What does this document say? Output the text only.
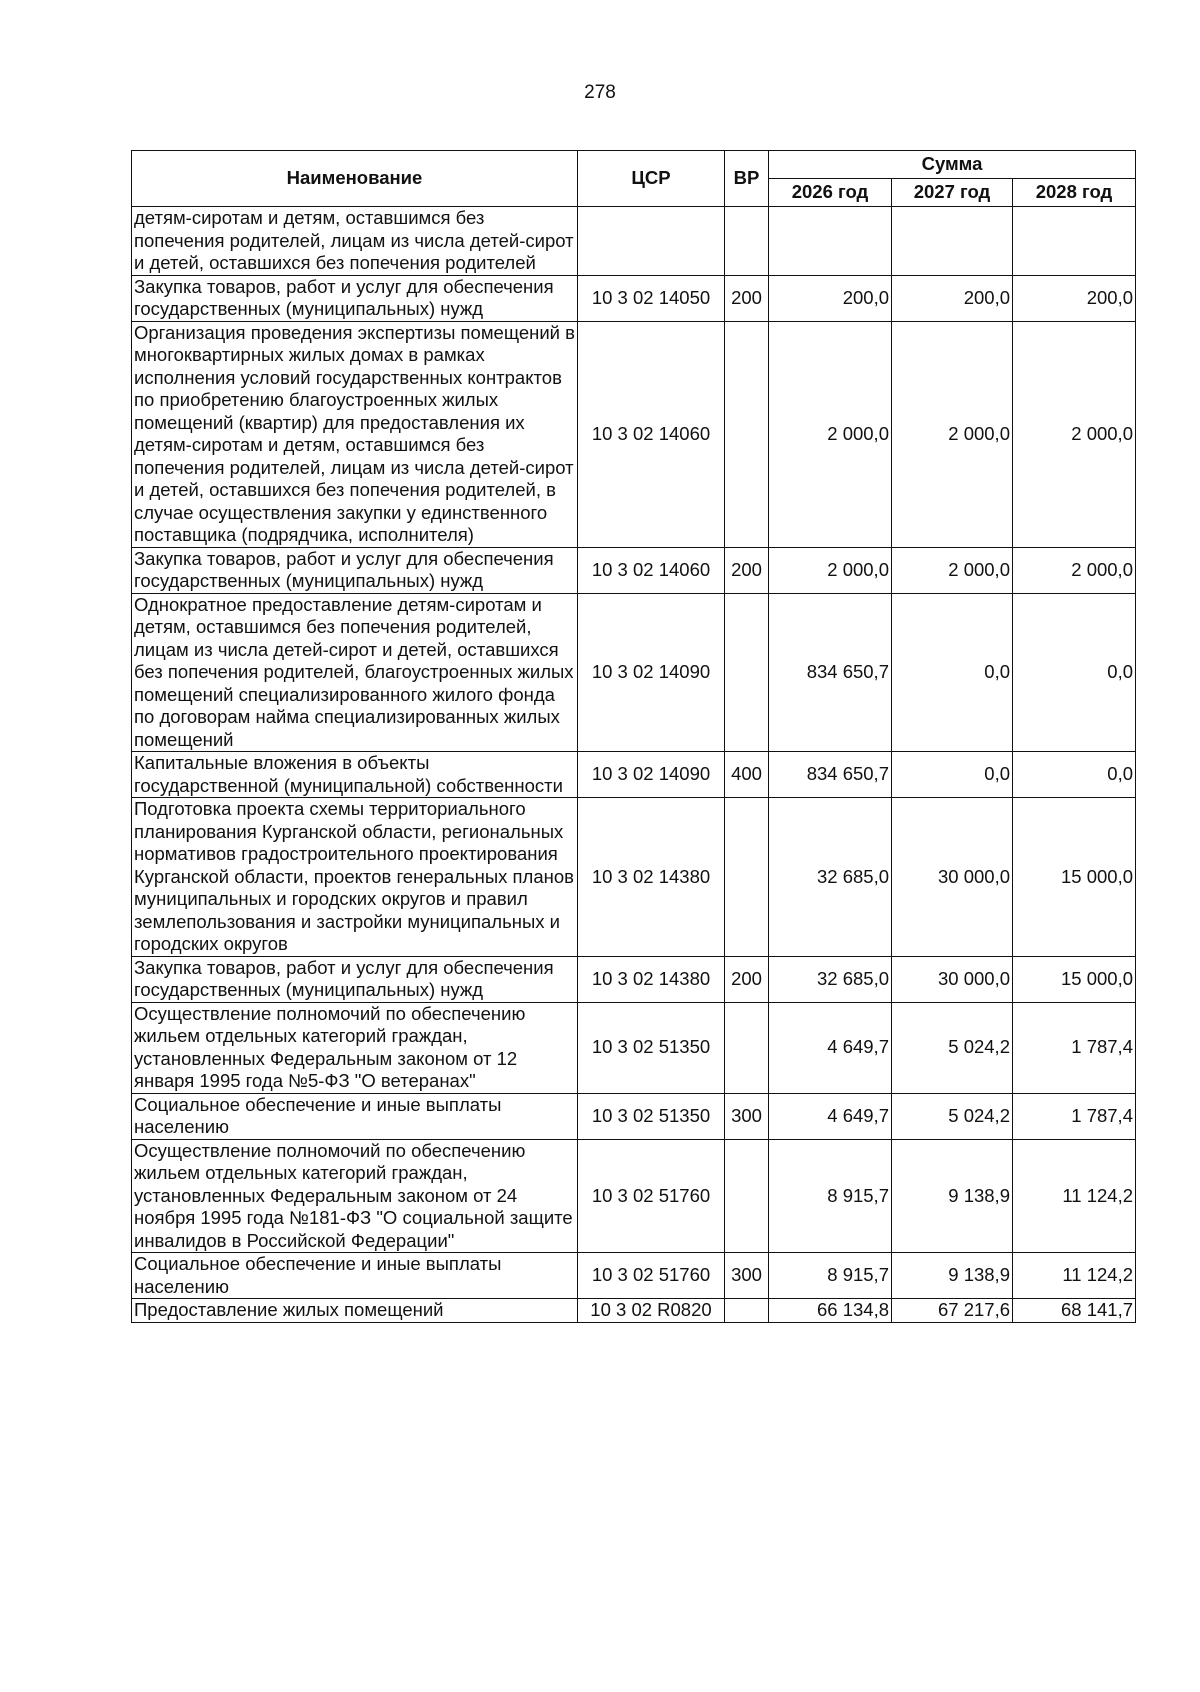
278
Наименование	ЦСР	ВР	Сумма		
			2026 год	2027 год	2028 год
детям-сиротам и детям, оставшимся без попечения родителей, лицам из числа детей-сирот и детей, оставшихся без попечения родителей					
Закупка товаров, работ и услуг для обеспечения государственных (муниципальных) нужд	10 3 02 14050	200	200,0	200,0	200,0
Организация проведения экспертизы помещений в многоквартирных жилых домах в рамках исполнения условий государственных контрактов по приобретению благоустроенных жилых помещений (квартир) для предоставления их детям-сиротам и детям, оставшимся без попечения родителей, лицам из числа детей-сирот и детей, оставшихся без попечения родителей, в случае осуществления закупки у единственного поставщика (подрядчика, исполнителя)	10 3 02 14060		2 000,0	2 000,0	2 000,0
Закупка товаров, работ и услуг для обеспечения государственных (муниципальных) нужд	10 3 02 14060	200	2 000,0	2 000,0	2 000,0
Однократное предоставление детям-сиротам и детям, оставшимся без попечения родителей, лицам из числа детей-сирот и детей, оставшихся без попечения родителей, благоустроенных жилых помещений специализированного жилого фонда по договорам найма специализированных жилых помещений	10 3 02 14090		834 650,7	0,0	0,0
Капитальные вложения в объекты государственной (муниципальной) собственности	10 3 02 14090	400	834 650,7	0,0	0,0
Подготовка проекта схемы территориального планирования Курганской области, региональных нормативов градостроительного проектирования Курганской области, проектов генеральных планов муниципальных и городских округов и правил землепользования и застройки муниципальных и городских округов	10 3 02 14380		32 685,0	30 000,0	15 000,0
Закупка товаров, работ и услуг для обеспечения государственных (муниципальных) нужд	10 3 02 14380	200	32 685,0	30 000,0	15 000,0
Осуществление полномочий по обеспечению жильем отдельных категорий граждан, установленных Федеральным законом от 12 января 1995 года №5-ФЗ "О ветеранах"	10 3 02 51350		4 649,7	5 024,2	1 787,4
Социальное обеспечение и иные выплаты населению	10 3 02 51350	300	4 649,7	5 024,2	1 787,4
Осуществление полномочий по обеспечению жильем отдельных категорий граждан, установленных Федеральным законом от 24 ноября 1995 года №181-ФЗ "О социальной защите инвалидов в Российской Федерации"	10 3 02 51760		8 915,7	9 138,9	11 124,2
Социальное обеспечение и иные выплаты населению	10 3 02 51760	300	8 915,7	9 138,9	11 124,2
Предоставление жилых помещений	10 3 02 R0820		66 134,8	67 217,6	68 141,7
